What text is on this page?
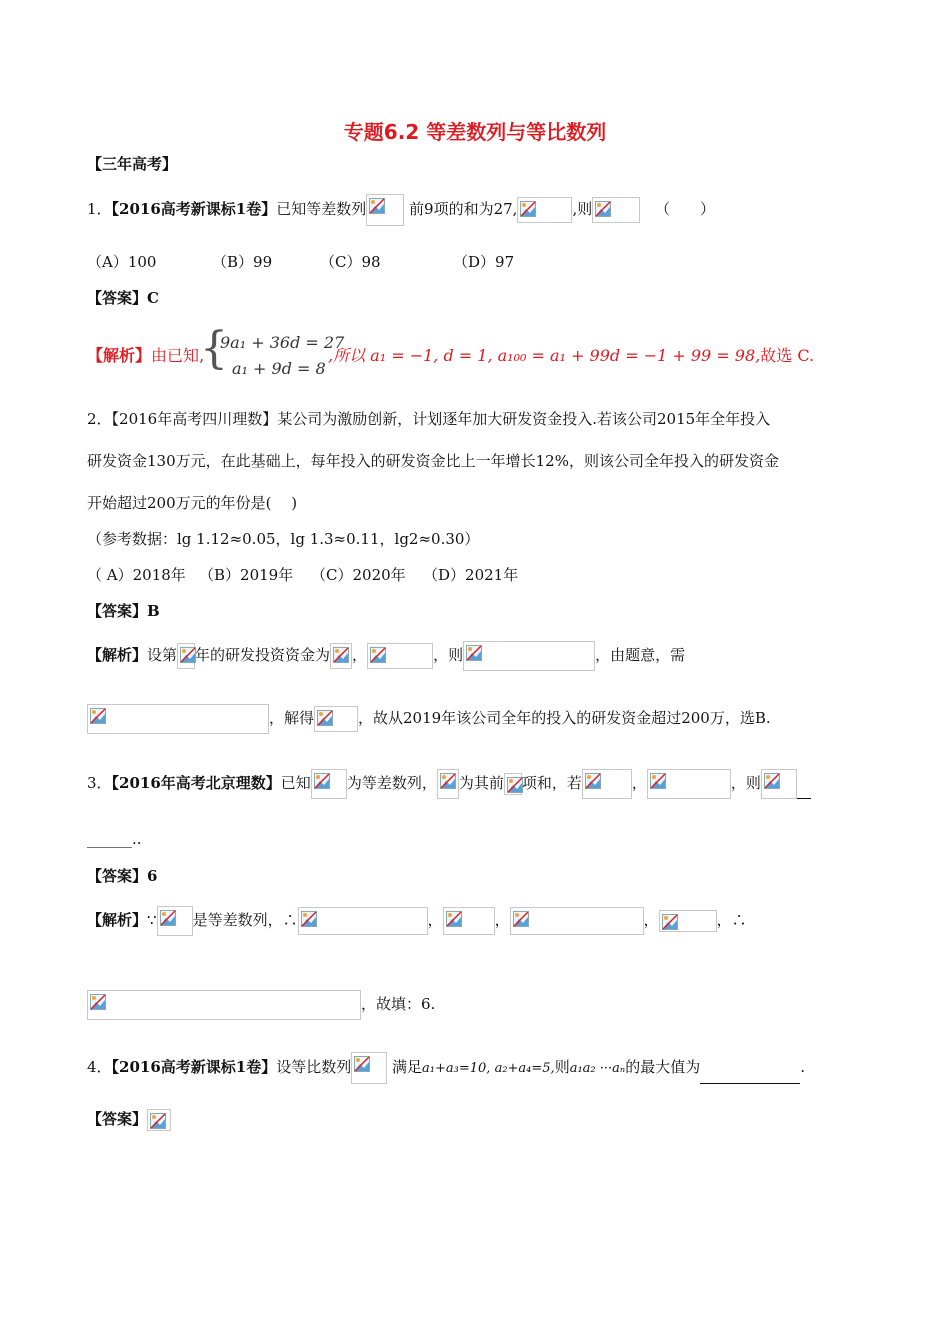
专题6.2 等差数列与等比数列
【三年高考】
1．【2016高考新课标1卷】已知等差数列	前9项的和为27,	,则	（　　）
（A）100	（B）99	（C）98	（D）97
【答案】C
【解析】由已知,
{
9a₁ + 36d = 27
a₁ + 9d = 8
,所以 a₁ = −1, d = 1, a₁₀₀ = a₁ + 99d = −1 + 99 = 98,故选 C.
2．【2016年高考四川理数】某公司为激励创新，计划逐年加大研发资金投入.若该公司2015年全年投入
研发资金130万元，在此基础上，每年投入的研发资金比上一年增长12%，则该公司全年投入的研发资金
开始超过200万元的年份是(　 )
（参考数据：lg 1.12≈0.05，lg 1.3≈0.11，lg2≈0.30）
（ A）2018年 （B）2019年 （C）2020年 （D）2021年
【答案】B
【解析】设第 年的研发投资资金为 ，	，则	，由题意，需
，解得	，故从2019年该公司全年的投入的研发资金超过200万，选B.
3．【2016年高考北京理数】已知 为等差数列， 为其前 项和，若	，	，则
______..
【答案】6
【解析】∵ 是等差数列，∴	，	，	，	，∴
，故填：6.
4．【2016高考新课标1卷】设等比数列	满足a₁+a₃=10, a₂+a₄=5,则a₁a₂ ···aₙ的最大值为	.
【答案】
